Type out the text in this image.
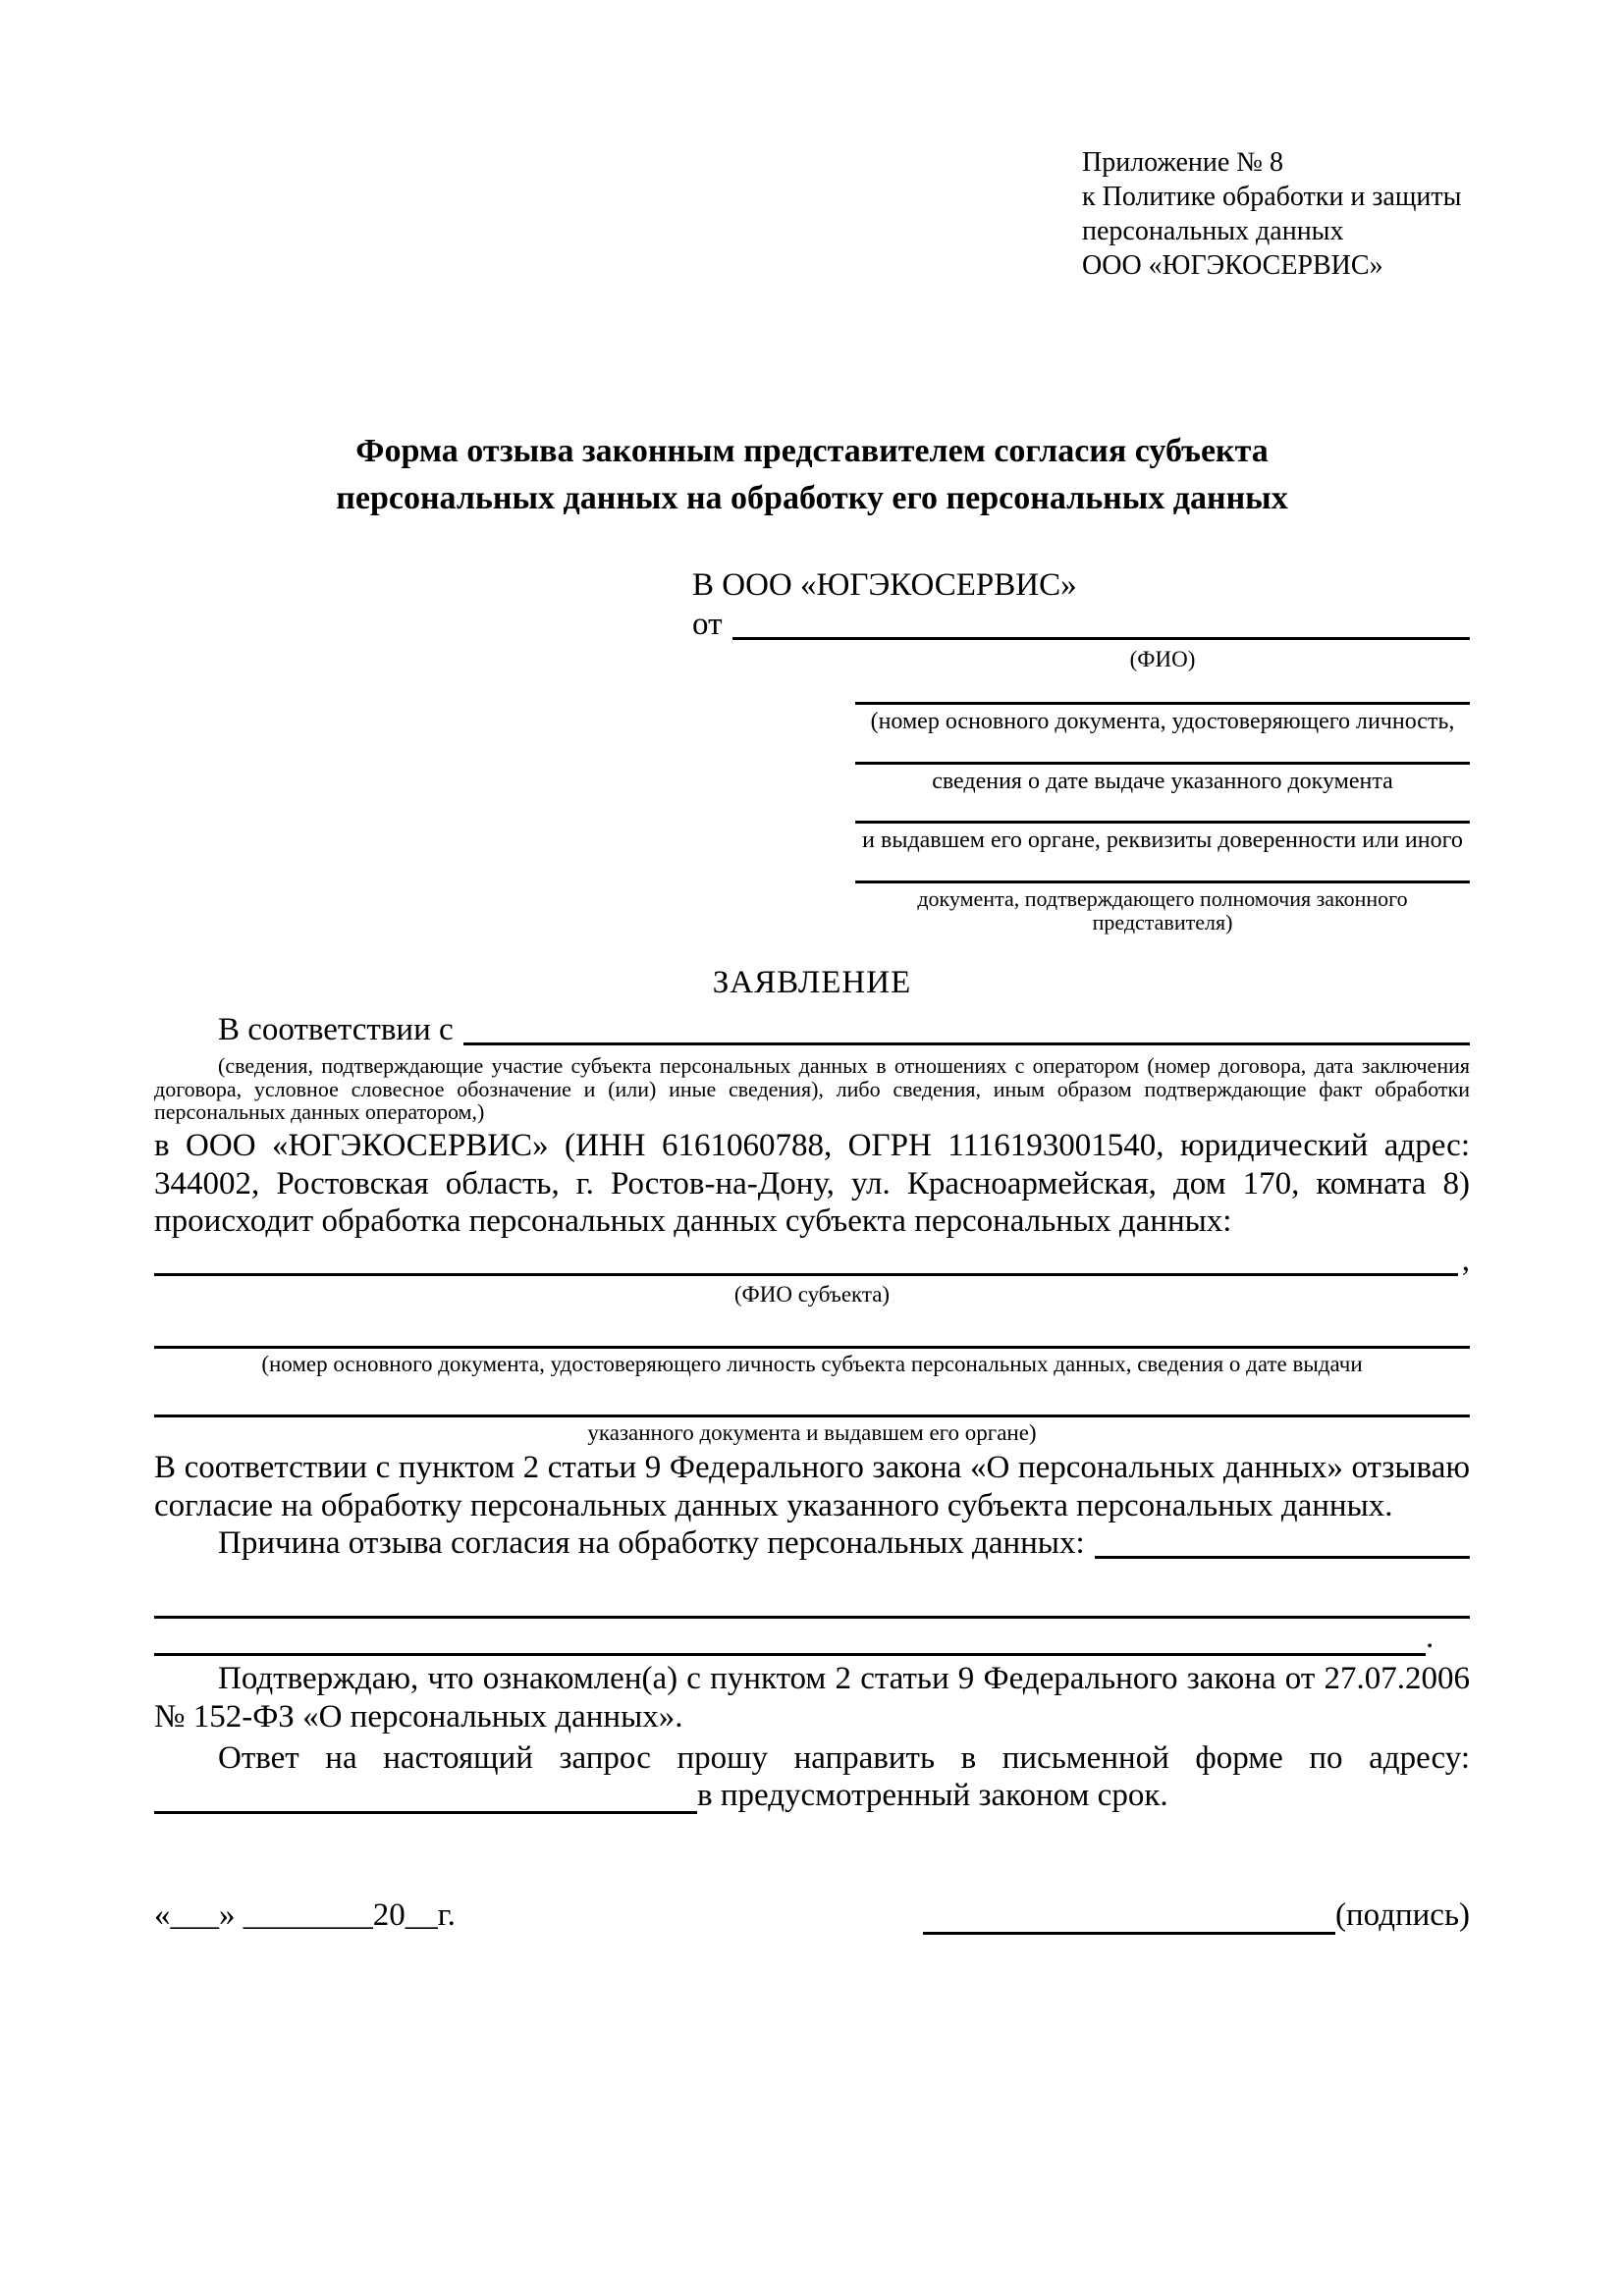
Приложение № 8
к Политике обработки и защиты
персональных данных
ООО «ЮГЭКОСЕРВИС»
Форма отзыва законным представителем согласия субъекта
персональных данных на обработку его персональных данных
В ООО «ЮГЭКОСЕРВИС»
от
(ФИО)
(номер основного документа, удостоверяющего личность,
сведения о дате выдаче указанного документа
и выдавшем его органе, реквизиты доверенности или иного
документа, подтверждающего полномочия законного представителя)
ЗАЯВЛЕНИЕ
В соответствии с

(сведения, подтверждающие участие субъекта персональных данных в отношениях с оператором (номер договора, дата заключения договора, условное словесное обозначение и (или) иные сведения), либо сведения, иным образом подтверждающие факт обработки персональных данных оператором,)

в ООО «ЮГЭКОСЕРВИС» (ИНН 6161060788, ОГРН 1116193001540, юридический адрес: 344002, Ростовская область, г. Ростов-на-Дону, ул. Красноармейская, дом 170, комната 8) происходит обработка персональных данных субъекта персональных данных:

,
(ФИО субъекта)
(номер основного документа, удостоверяющего личность субъекта персональных данных, сведения о дате выдачи
указанного документа и выдавшем его органе)

В соответствии с пунктом 2 статьи 9 Федерального закона «О персональных данных» отзываю согласие на обработку персональных данных указанного субъекта персональных данных.

Причина отзыва согласия на обработку персональных данных:
.

Подтверждаю, что ознакомлен(а) с пунктом 2 статьи 9 Федерального закона от 27.07.2006 № 152-ФЗ «О персональных данных».

Ответ на настоящий запрос прошу направить в письменной форме по адресу:

в предусмотренный законом срок.
«___» ________20__г.	(подпись)
